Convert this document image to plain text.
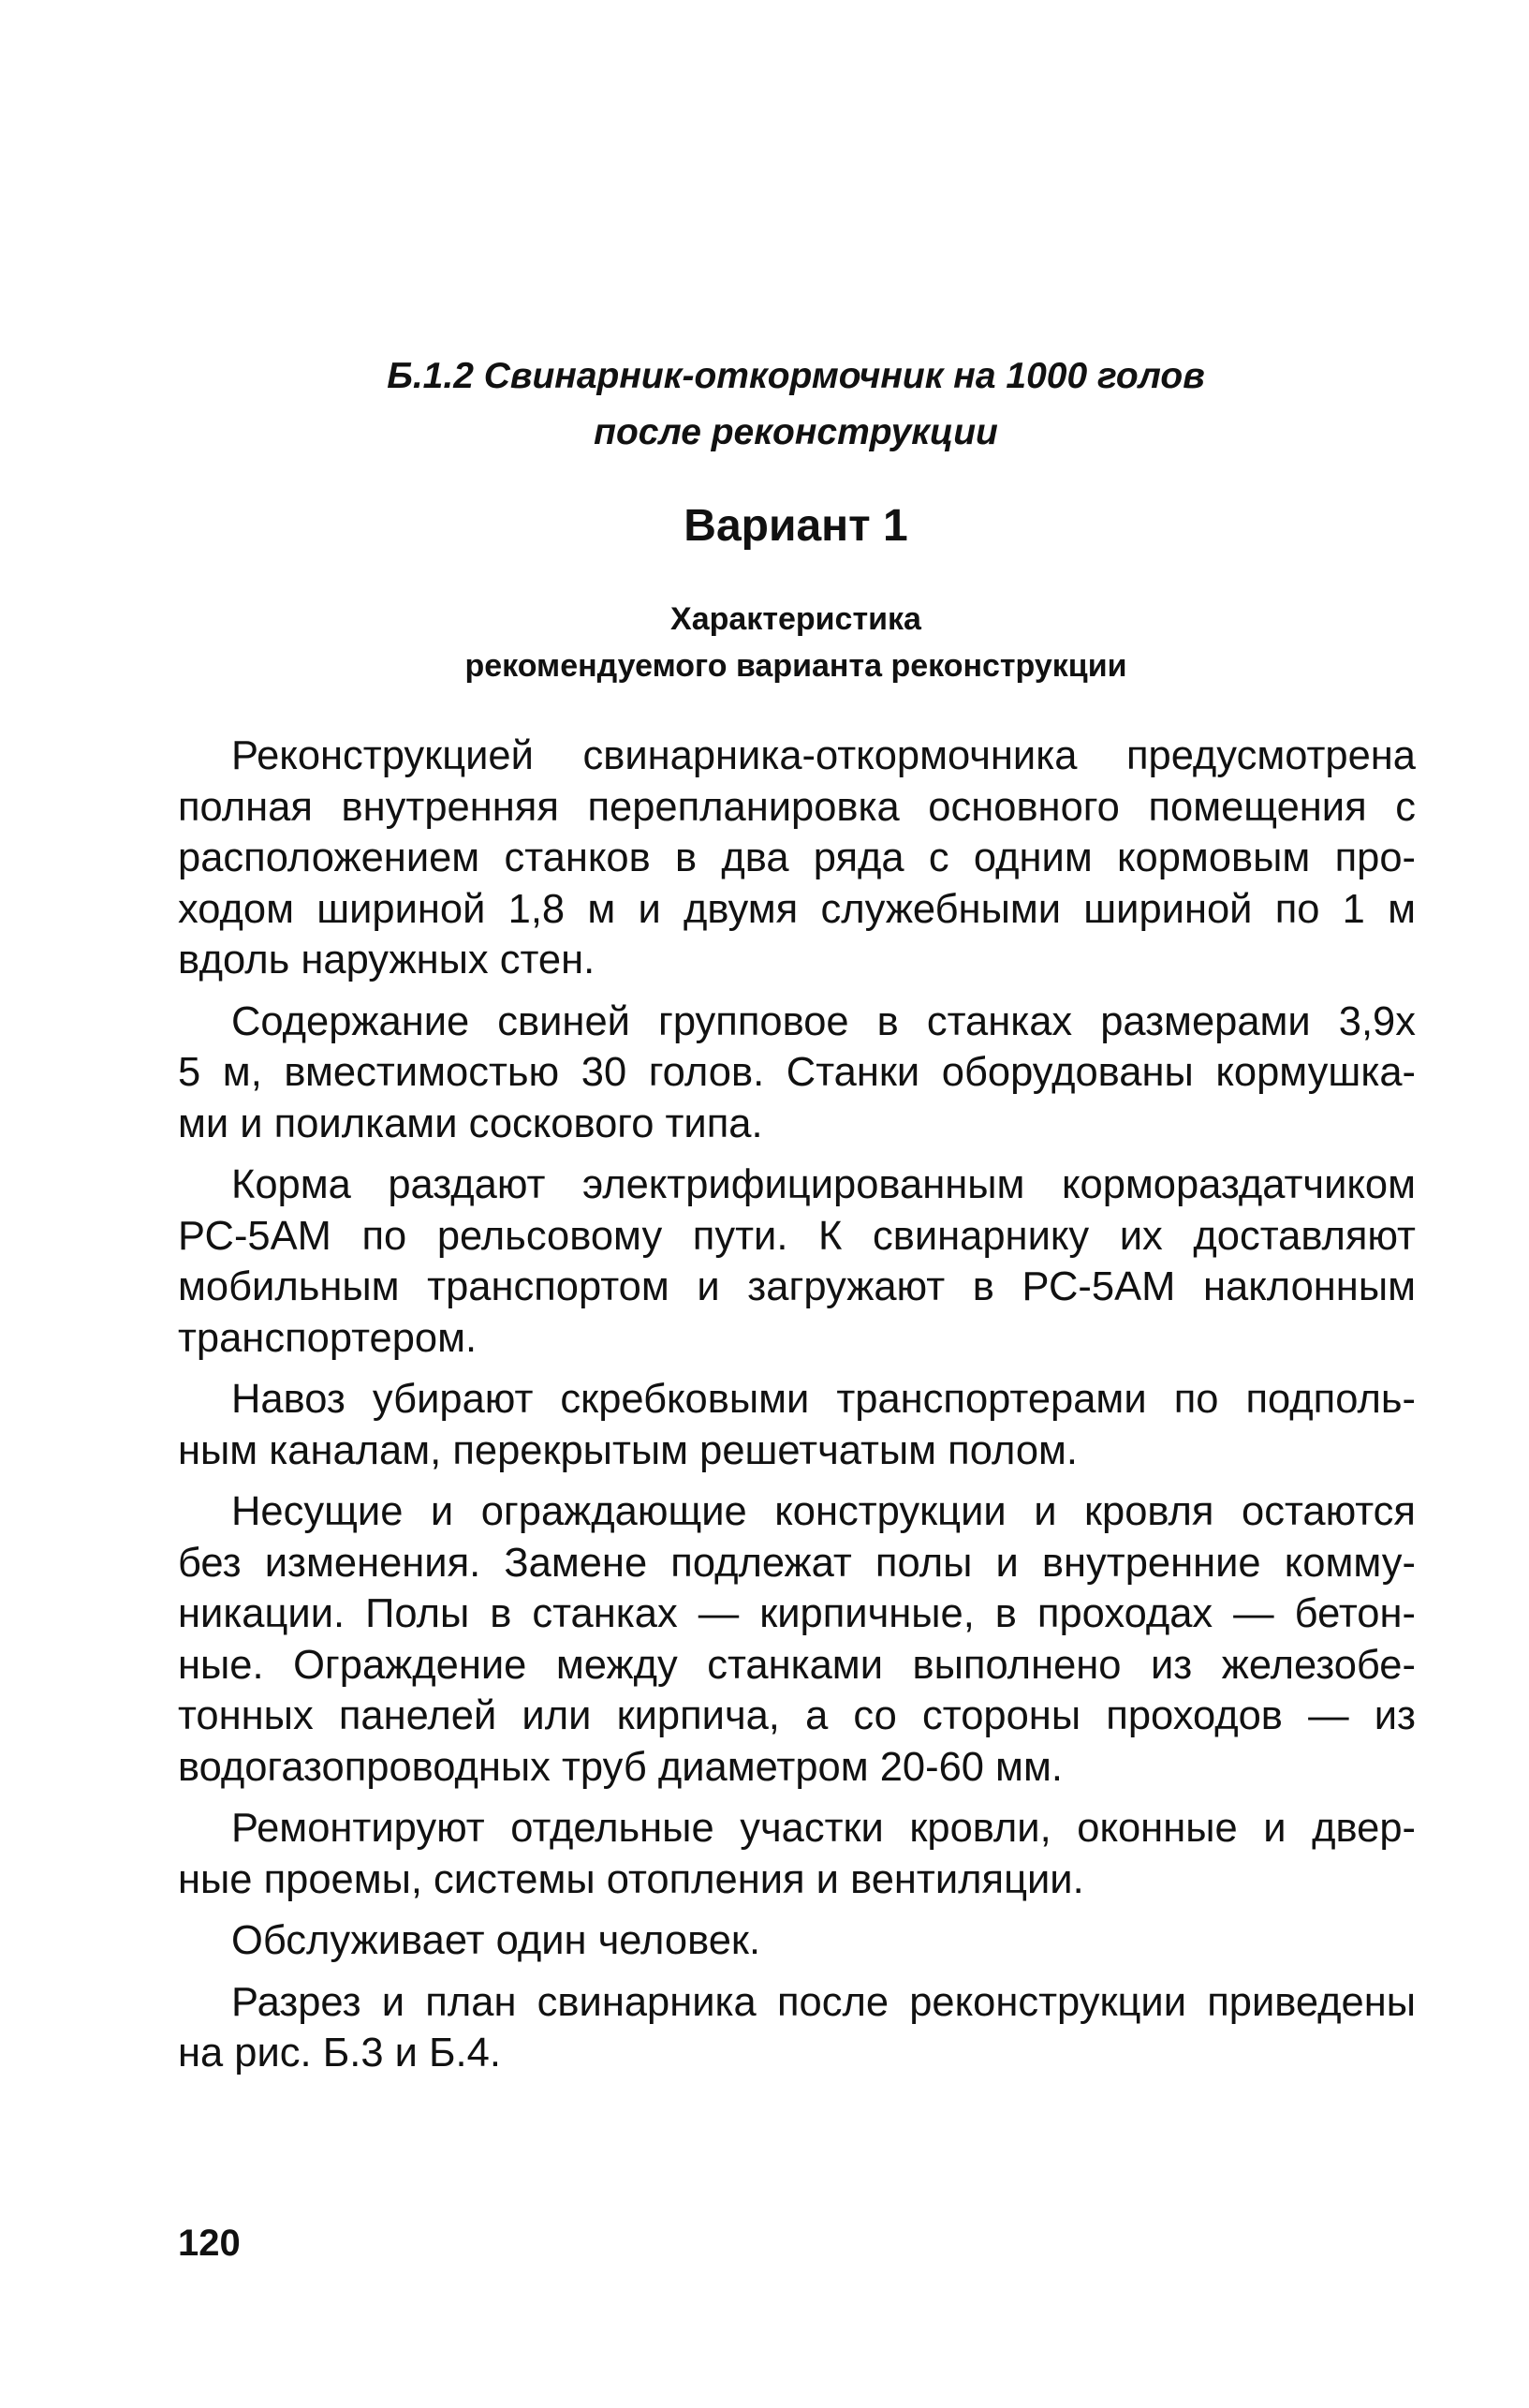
Б.1.2 Свинарник-откормочник на 1000 голов
после реконструкции
Вариант 1
Характеристика
рекомендуемого варианта реконструкции

Реконструкцией свинарника-откормочника предусмотрена
полная внутренняя перепланировка основного помещения с
расположением станков в два ряда с одним кормовым про-
ходом шириной 1,8 м и двумя служебными шириной по 1 м
вдоль наружных стен.

Содержание свиней групповое в станках размерами 3,9х
5 м, вместимостью 30 голов. Станки оборудованы кормушка-
ми и поилками соскового типа.

Корма раздают электрифицированным кормораздатчиком
РС-5АМ по рельсовому пути. К свинарнику их доставляют
мобильным транспортом и загружают в РС-5АМ наклонным
транспортером.

Навоз убирают скребковыми транспортерами по подполь-
ным каналам, перекрытым решетчатым полом.

Несущие и ограждающие конструкции и кровля остаются
без изменения. Замене подлежат полы и внутренние комму-
никации. Полы в станках — кирпичные, в проходах — бетон-
ные. Ограждение между станками выполнено из железобе-
тонных панелей или кирпича, а со стороны проходов — из
водогазопроводных труб диаметром 20-60 мм.

Ремонтируют отдельные участки кровли, оконные и двер-
ные проемы, системы отопления и вентиляции.

Обслуживает один человек.

Разрез и план свинарника после реконструкции приведены
на рис. Б.3 и Б.4.

120
